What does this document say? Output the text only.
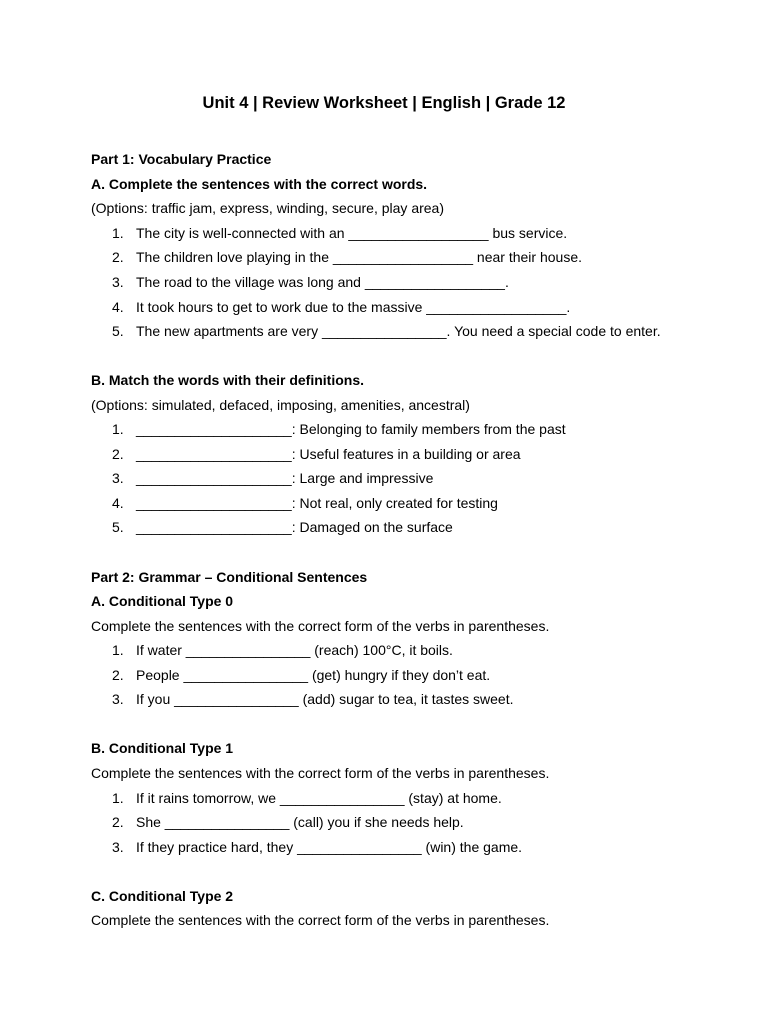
Unit 4 | Review Worksheet | English | Grade 12
Part 1: Vocabulary Practice
A. Complete the sentences with the correct words.
(Options: traffic jam, express, winding, secure, play area)
1. The city is well-connected with an __________________ bus service.
2. The children love playing in the __________________ near their house.
3. The road to the village was long and __________________.
4. It took hours to get to work due to the massive __________________.
5. The new apartments are very ________________. You need a special code to enter.
B. Match the words with their definitions.
(Options: simulated, defaced, imposing, amenities, ancestral)
1. ____________________: Belonging to family members from the past
2. ____________________: Useful features in a building or area
3. ____________________: Large and impressive
4. ____________________: Not real, only created for testing
5. ____________________: Damaged on the surface
Part 2: Grammar – Conditional Sentences
A. Conditional Type 0
Complete the sentences with the correct form of the verbs in parentheses.
1. If water ________________ (reach) 100°C, it boils.
2. People ________________ (get) hungry if they don’t eat.
3. If you ________________ (add) sugar to tea, it tastes sweet.
B. Conditional Type 1
Complete the sentences with the correct form of the verbs in parentheses.
1. If it rains tomorrow, we ________________ (stay) at home.
2. She ________________ (call) you if she needs help.
3. If they practice hard, they ________________ (win) the game.
C. Conditional Type 2
Complete the sentences with the correct form of the verbs in parentheses.
